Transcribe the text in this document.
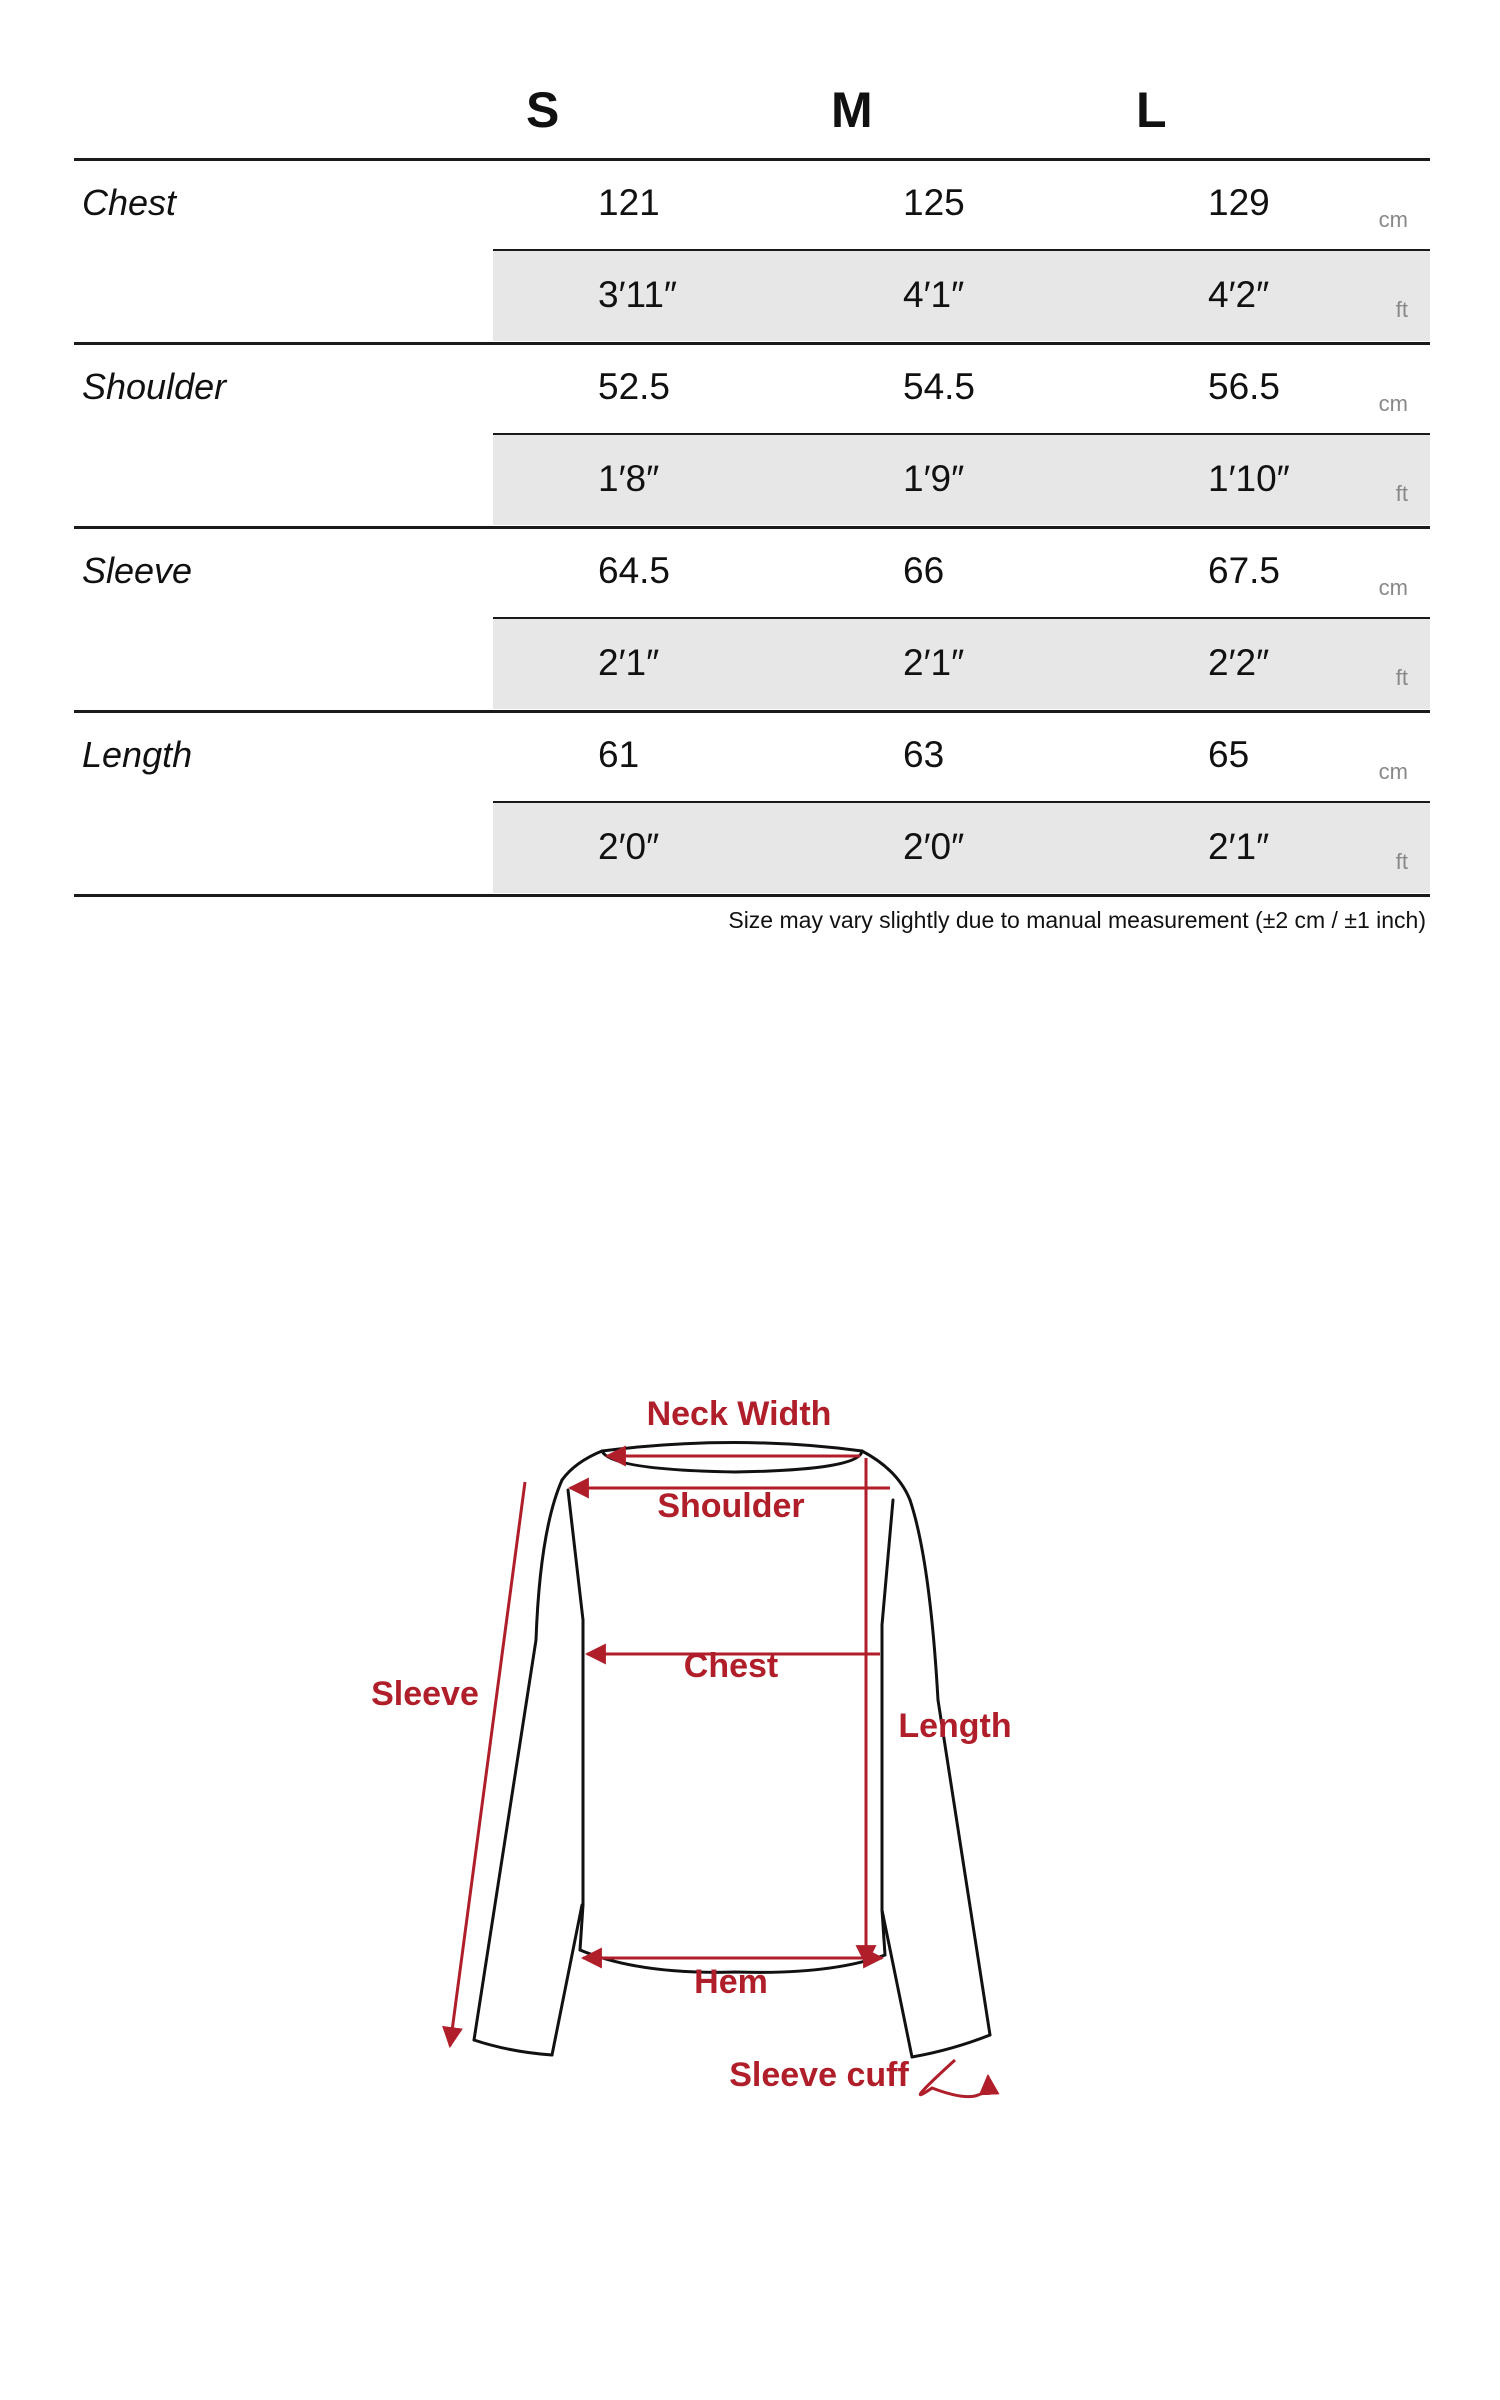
S	M	L
Chest	121	125	129	cm
3′11″	4′1″	4′2″	ft
Shoulder	52.5	54.5	56.5	cm
1′8″	1′9″	1′10″	ft
Sleeve	64.5	66	67.5	cm
2′1″	2′1″	2′2″	ft
Length	61	63	65	cm
2′0″	2′0″	2′1″	ft
Size may vary slightly due to manual measurement (±2 cm / ±1 inch)
Neck Width
Shoulder
Chest
Sleeve
Length
Hem
Sleeve cuff
